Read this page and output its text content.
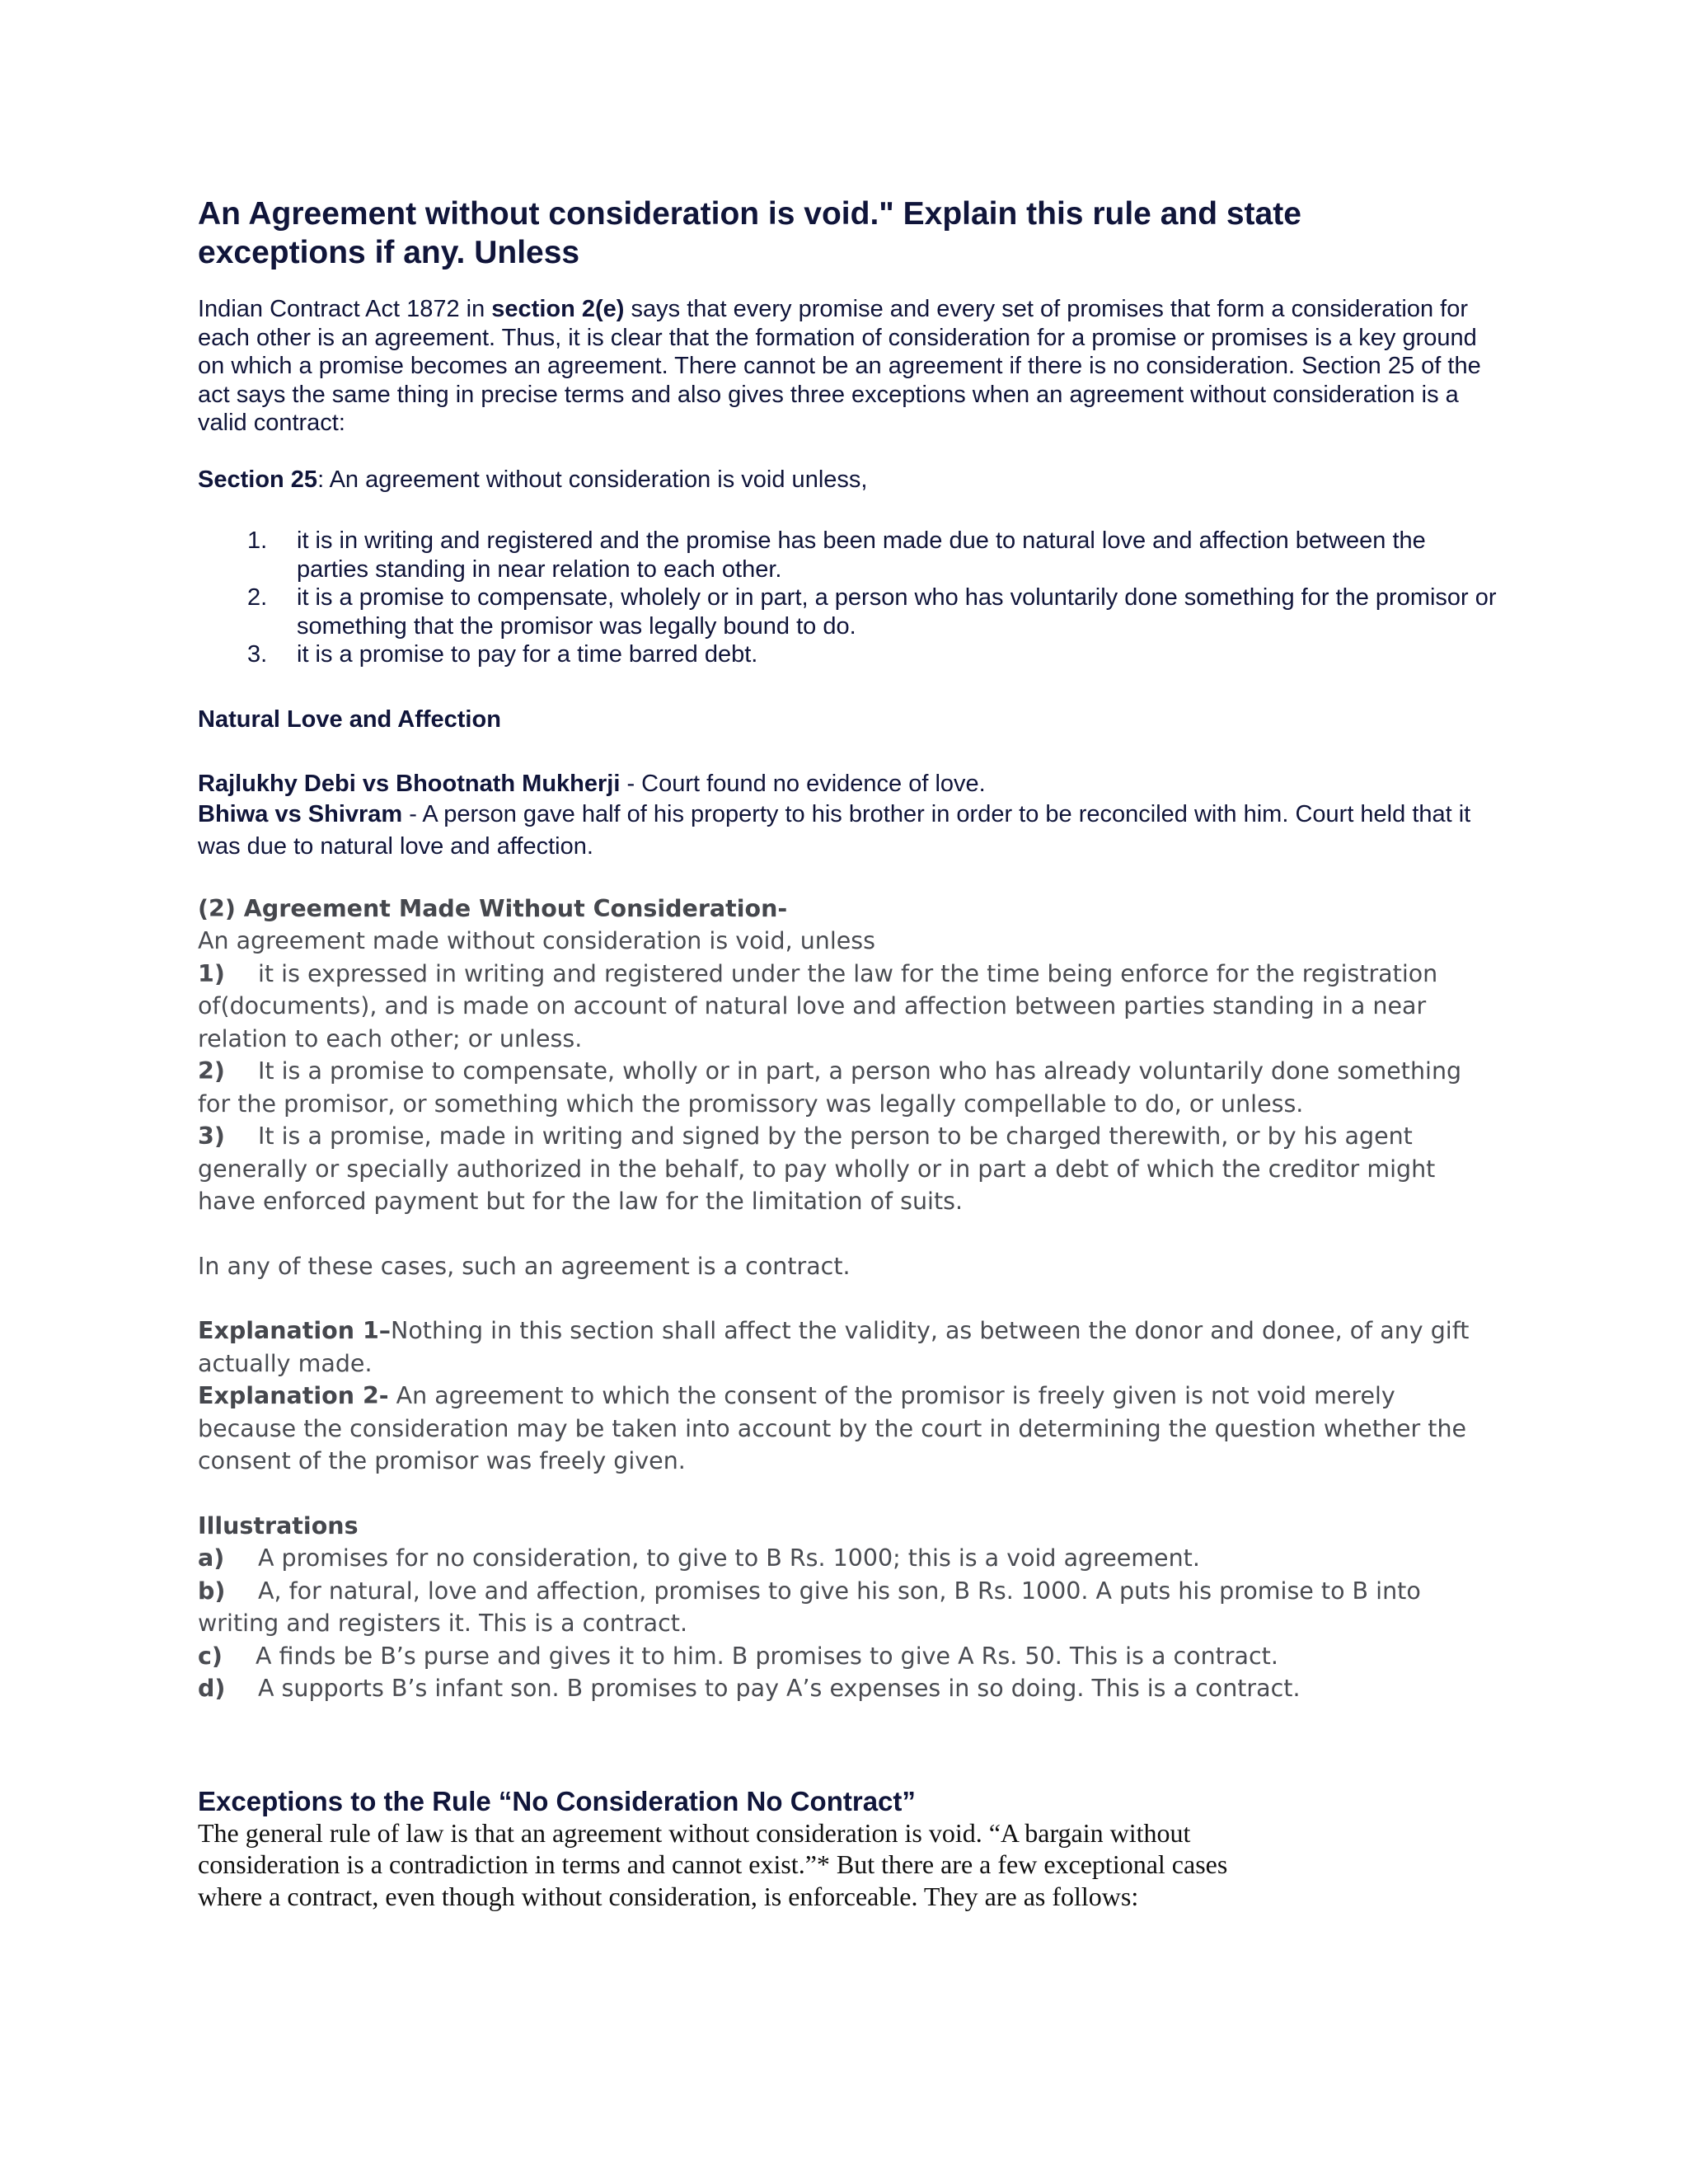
An Agreement without consideration is void." Explain this rule and state exceptions if any. Unless

Indian Contract Act 1872 in section 2(e) says that every promise and every set of promises that form a consideration for each other is an agreement. Thus, it is clear that the formation of consideration for a promise or promises is a key ground on which a promise becomes an agreement. There cannot be an agreement if there is no consideration. Section 25 of the act says the same thing in precise terms and also gives three exceptions when an agreement without consideration is a valid contract:

Section 25: An agreement without consideration is void unless,

1. it is in writing and registered and the promise has been made due to natural love and affection between the parties standing in near relation to each other.
2. it is a promise to compensate, wholely or in part, a person who has voluntarily done something for the promisor or something that the promisor was legally bound to do.
3. it is a promise to pay for a time barred debt.

Natural Love and Affection

Rajlukhy Debi vs Bhootnath Mukherji - Court found no evidence of love.

Bhiwa vs Shivram - A person gave half of his property to his brother in order to be reconciled with him. Court held that it was due to natural love and affection.

(2) Agreement Made Without Consideration-

An agreement made without consideration is void, unless

1) it is expressed in writing and registered under the law for the time being enforce for the registration of(documents), and is made on account of natural love and affection between parties standing in a near relation to each other; or unless.

2) It is a promise to compensate, wholly or in part, a person who has already voluntarily done something for the promisor, or something which the promissory was legally compellable to do, or unless.

3) It is a promise, made in writing and signed by the person to be charged therewith, or by his agent generally or specially authorized in the behalf, to pay wholly or in part a debt of which the creditor might have enforced payment but for the law for the limitation of suits.

In any of these cases, such an agreement is a contract.

Explanation 1–Nothing in this section shall affect the validity, as between the donor and donee, of any gift actually made.

Explanation 2- An agreement to which the consent of the promisor is freely given is not void merely because the consideration may be taken into account by the court in determining the question whether the consent of the promisor was freely given.

Illustrations

a) A promises for no consideration, to give to B Rs. 1000; this is a void agreement.

b) A, for natural, love and affection, promises to give his son, B Rs. 1000. A puts his promise to B into writing and registers it. This is a contract.

c) A finds be B’s purse and gives it to him. B promises to give A Rs. 50. This is a contract.

d) A supports B’s infant son. B promises to pay A’s expenses in so doing. This is a contract.

Exceptions to the Rule “No Consideration No Contract”

The general rule of law is that an agreement without consideration is void. “A bargain without consideration is a contradiction in terms and cannot exist.”* But there are a few exceptional cases where a contract, even though without consideration, is enforceable. They are as follows:
